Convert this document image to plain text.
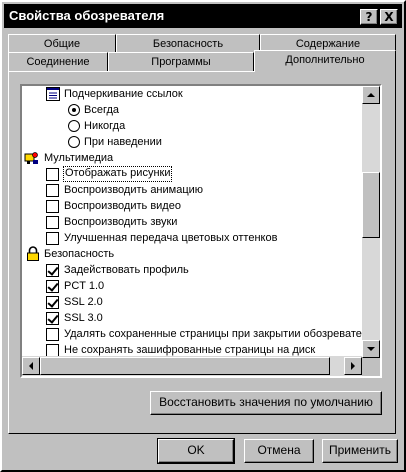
Свойства обозревателя	? X
Общие	Безопасность	Содержание
Соединение	Программы	Дополнительно
Подчеркивание ссылок
Всегда
Никогда
При наведении
Мультимедиа
Отображать рисунки
Воспроизводить анимацию
Воспроизводить видео
Воспроизводить звуки
Улучшенная передача цветовых оттенков
Безопасность
Задействовать профиль
PCT 1.0
SSL 2.0
SSL 3.0
Удалять сохраненные страницы при закрытии обозревате
Не сохранять зашифрованные страницы на диск
Восстановить значения по умолчанию
OK	Отмена	Применить
